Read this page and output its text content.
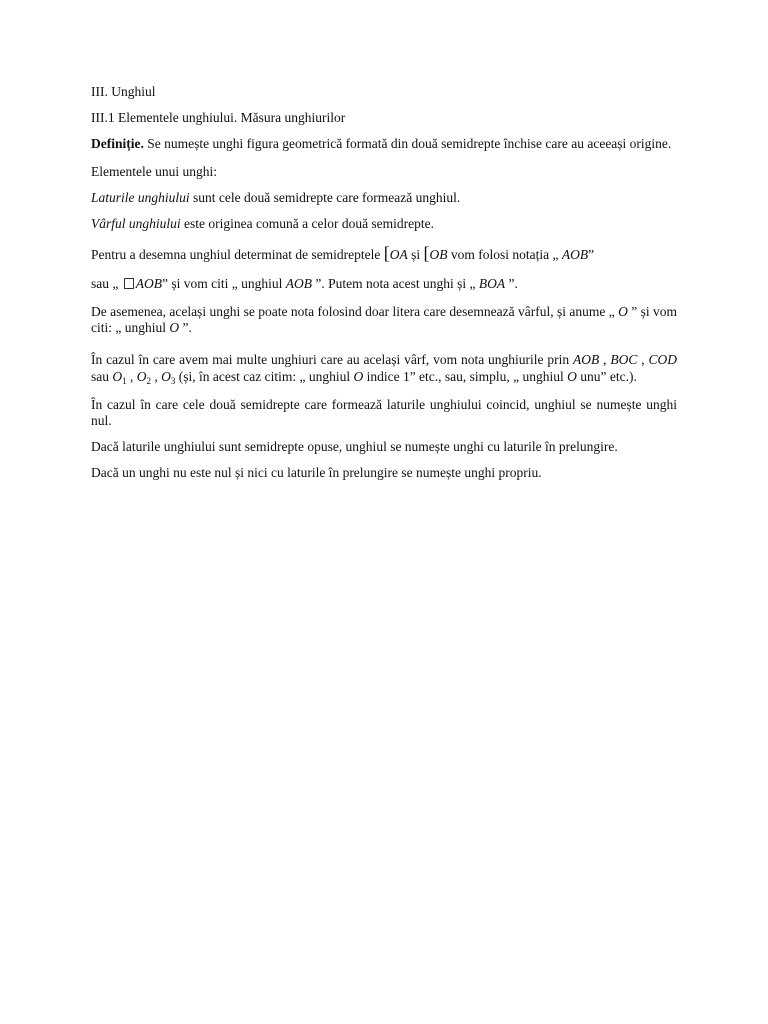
III. Unghiul

III.1 Elementele unghiului. Măsura unghiurilor

Definiție. Se numește unghi figura geometrică formată din două semidrepte închise care au aceeași origine.

Elementele unui unghi:

Laturile unghiului sunt cele două semidrepte care formează unghiul.

Vârful unghiului este originea comună a celor două semidrepte.

Pentru a desemna unghiul determinat de semidreptele [OA și [OB vom folosi notația „ AOB”

sau „ AOB” și vom citi „ unghiul AOB ”. Putem nota acest unghi și „ BOA ”.

De asemenea, același unghi se poate nota folosind doar litera care desemnează vârful, și anume „ O ” și vom citi: „ unghiul O ”.

În cazul în care avem mai multe unghiuri care au același vârf, vom nota unghiurile prin AOB , BOC , COD sau $O_1$ , $O_2$ , $O_3$ (și, în acest caz citim: „ unghiul O indice 1” etc., sau, simplu, „ unghiul O unu” etc.).

În cazul în care cele două semidrepte care formează laturile unghiului coincid, unghiul se numește unghi nul.

Dacă laturile unghiului sunt semidrepte opuse, unghiul se numește unghi cu laturile în prelungire.

Dacă un unghi nu este nul și nici cu laturile în prelungire se numește unghi propriu.
